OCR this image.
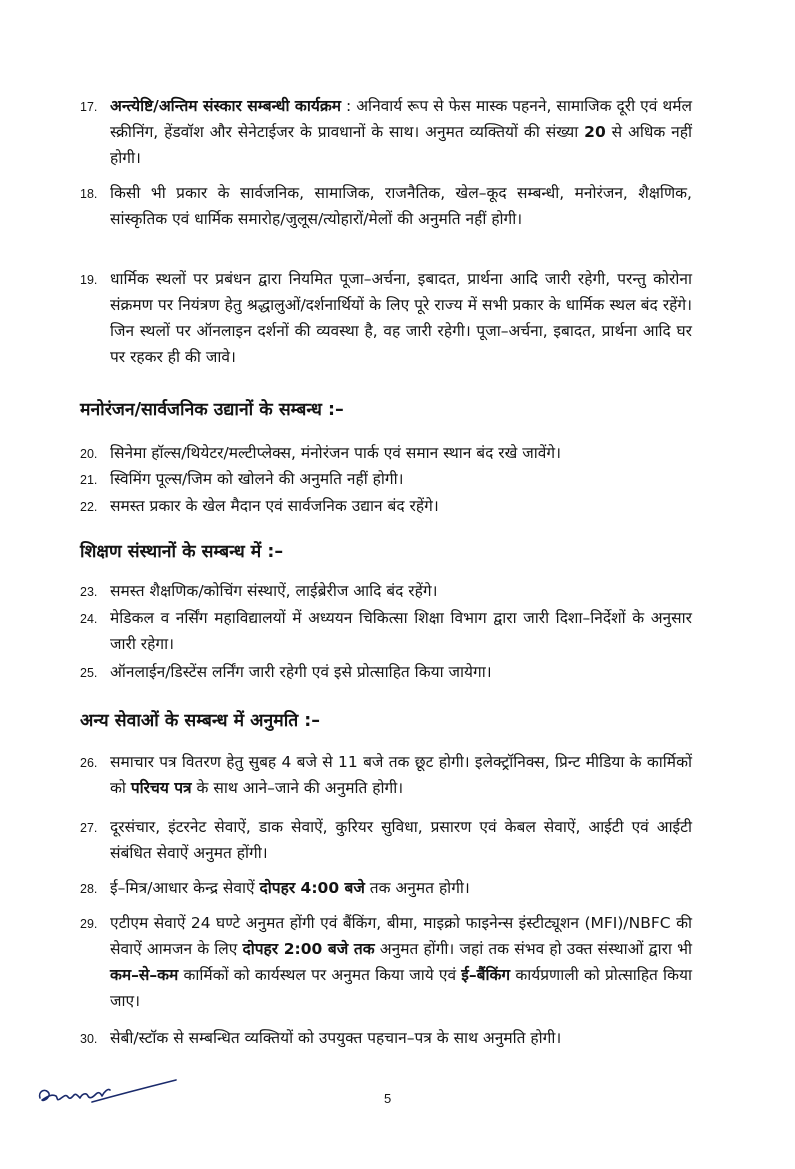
17. अन्त्येष्टि/अन्तिम संस्कार सम्बन्धी कार्यक्रम : अनिवार्य रूप से फेस मास्क पहनने, सामाजिक दूरी एवं थर्मल स्क्रीनिंग, हेंडवॉश और सेनेटाईजर के प्रावधानों के साथ। अनुमत व्यक्तियों की संख्या 20 से अधिक नहीं होगी।
18. किसी भी प्रकार के सार्वजनिक, सामाजिक, राजनैतिक, खेल–कूद सम्बन्धी, मनोरंजन, शैक्षणिक, सांस्कृतिक एवं धार्मिक समारोह/जुलूस/त्योहारों/मेलों की अनुमति नहीं होगी।
19. धार्मिक स्थलों पर प्रबंधन द्वारा नियमित पूजा–अर्चना, इबादत, प्रार्थना आदि जारी रहेगी, परन्तु कोरोना संक्रमण पर नियंत्रण हेतु श्रद्धालुओं/दर्शनार्थियों के लिए पूरे राज्य में सभी प्रकार के धार्मिक स्थल बंद रहेंगे। जिन स्थलों पर ऑनलाइन दर्शनों की व्यवस्था है, वह जारी रहेगी। पूजा–अर्चना, इबादत, प्रार्थना आदि घर पर रहकर ही की जावे।
मनोरंजन/सार्वजनिक उद्यानों के सम्बन्ध :–
20. सिनेमा हॉल्स/थियेटर/मल्टीप्लेक्स, मंनोरंजन पार्क एवं समान स्थान बंद रखे जावेंगे।
21. स्विमिंग पूल्स/जिम को खोलने की अनुमति नहीं होगी।
22. समस्त प्रकार के खेल मैदान एवं सार्वजनिक उद्यान बंद रहेंगे।
शिक्षण संस्थानों के सम्बन्ध में :–
23. समस्त शैक्षणिक/कोचिंग संस्थाऐं, लाईब्रेरीज आदि बंद रहेंगे।
24. मेडिकल व नर्सिंग महाविद्यालयों में अध्ययन चिकित्सा शिक्षा विभाग द्वारा जारी दिशा–निर्देशों के अनुसार जारी रहेगा।
25. ऑनलाईन/डिस्टेंस लर्निंग जारी रहेगी एवं इसे प्रोत्साहित किया जायेगा।
अन्य सेवाओं के सम्बन्ध में अनुमति :–
26. समाचार पत्र वितरण हेतु सुबह 4 बजे से 11 बजे तक छूट होगी। इलेक्ट्रॉनिक्स, प्रिन्ट मीडिया के कार्मिकों को परिचय पत्र के साथ आने–जाने की अनुमति होगी।
27. दूरसंचार, इंटरनेट सेवाऐं, डाक सेवाऐं, कुरियर सुविधा, प्रसारण एवं केबल सेवाऐं, आईटी एवं आईटी संबंधित सेवाऐं अनुमत होंगी।
28. ई–मित्र/आधार केन्द्र सेवाऐं दोपहर 4:00 बजे तक अनुमत होगी।
29. एटीएम सेवाऐं 24 घण्टे अनुमत होंगी एवं बैंकिंग, बीमा, माइक्रो फाइनेन्स इंस्टीट्यूशन (MFI)/NBFC की सेवाऐं आमजन के लिए दोपहर 2:00 बजे तक अनुमत होंगी। जहां तक संभव हो उक्त संस्थाओं द्वारा भी कम–से–कम कार्मिकों को कार्यस्थल पर अनुमत किया जाये एवं ई–बैंकिंग कार्यप्रणाली को प्रोत्साहित किया जाए।
30. सेबी/स्टॉक से सम्बन्धित व्यक्तियों को उपयुक्त पहचान–पत्र के साथ अनुमति होगी।
5
